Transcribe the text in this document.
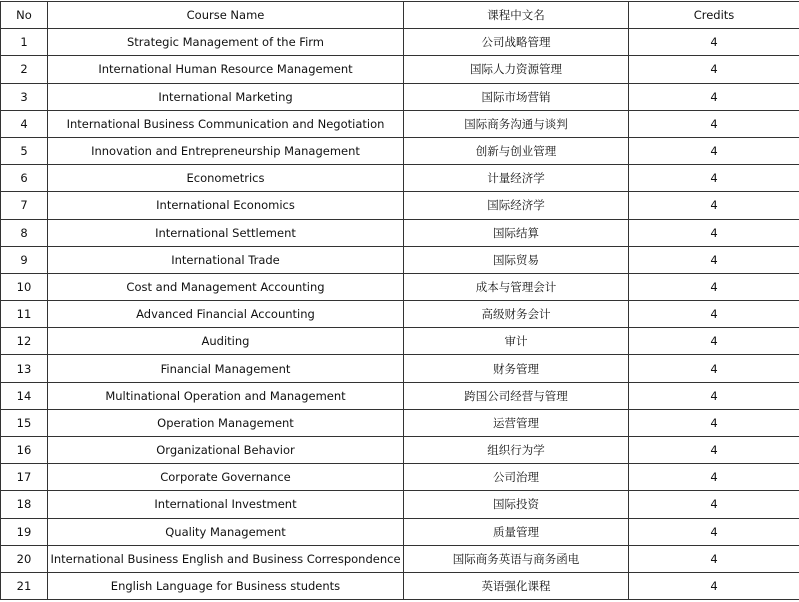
No	Course Name	课程中文名	Credits
1	Strategic Management of the Firm	公司战略管理	4
2	International Human Resource Management	国际人力资源管理	4
3	International Marketing	国际市场营销	4
4	International Business Communication and Negotiation	国际商务沟通与谈判	4
5	Innovation and Entrepreneurship Management	创新与创业管理	4
6	Econometrics	计量经济学	4
7	International Economics	国际经济学	4
8	International Settlement	国际结算	4
9	International Trade	国际贸易	4
10	Cost and Management Accounting	成本与管理会计	4
11	Advanced Financial Accounting	高级财务会计	4
12	Auditing	审计	4
13	Financial Management	财务管理	4
14	Multinational Operation and Management	跨国公司经营与管理	4
15	Operation Management	运营管理	4
16	Organizational Behavior	组织行为学	4
17	Corporate Governance	公司治理	4
18	International Investment	国际投资	4
19	Quality Management	质量管理	4
20	International Business English and Business Correspondence	国际商务英语与商务函电	4
21	English Language for Business students	英语强化课程	4
